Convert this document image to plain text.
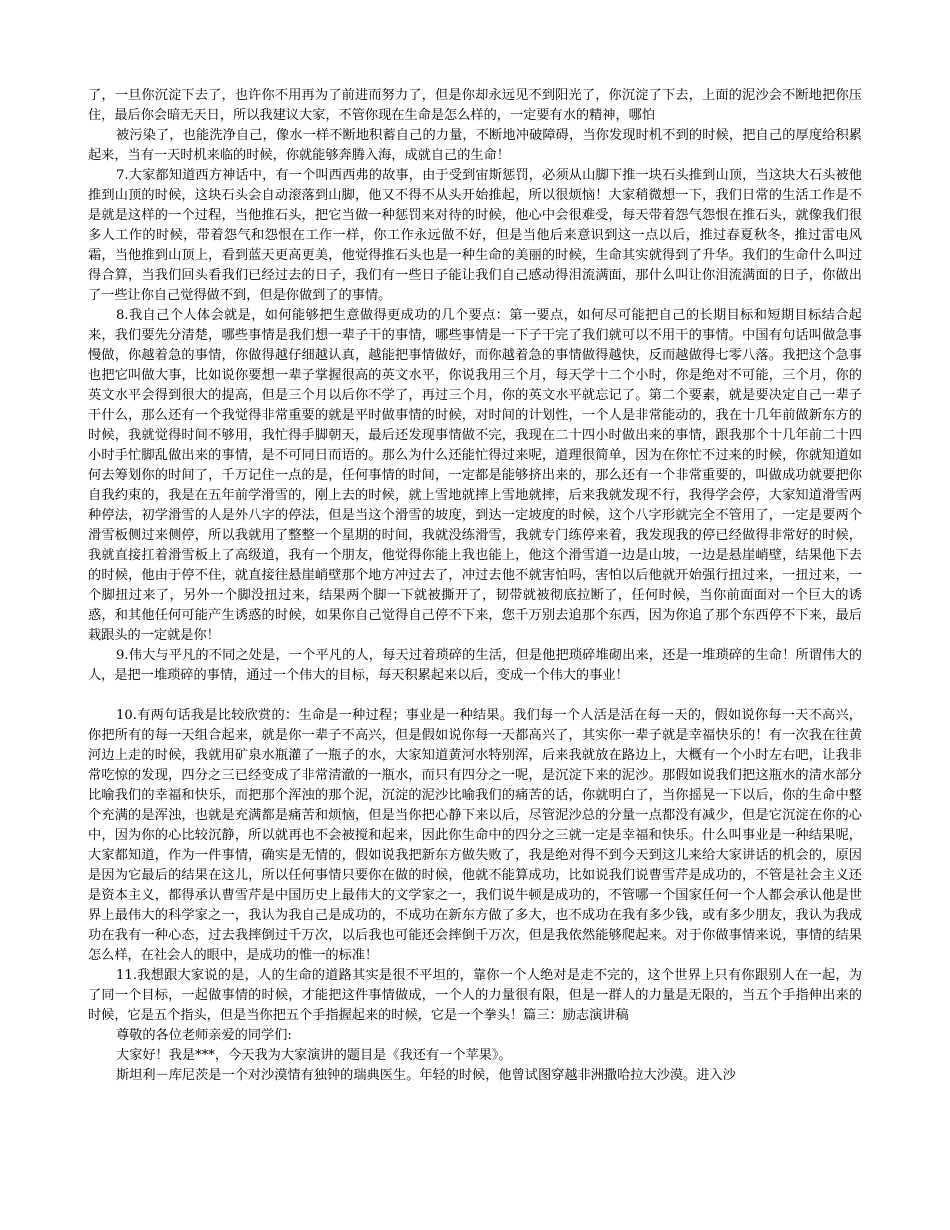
了，一旦你沉淀下去了，也许你不用再为了前进而努力了，但是你却永远见不到阳光了，你沉淀了下去，上面的泥沙会不断地把你压住，最后你会暗无天日，所以我建议大家，不管你现在生命是怎么样的，一定要有水的精神，哪怕

被污染了，也能洗净自己，像水一样不断地积蓄自己的力量，不断地冲破障碍，当你发现时机不到的时候，把自己的厚度给积累起来，当有一天时机来临的时候，你就能够奔腾入海，成就自己的生命！

7.大家都知道西方神话中，有一个叫西西弗的故事，由于受到宙斯惩罚，必须从山脚下推一块石头推到山顶，当这块大石头被他推到山顶的时候，这块石头会自动滚落到山脚，他又不得不从头开始推起，所以很烦恼！大家稍微想一下，我们日常的生活工作是不是就是这样的一个过程，当他推石头，把它当做一种惩罚来对待的时候，他心中会很难受，每天带着怨气怨恨在推石头，就像我们很多人工作的时候，带着怨气和怨恨在工作一样，你工作永远做不好，但是当他后来意识到这一点以后，推过春夏秋冬，推过雷电风霜，当他推到山顶上，看到蓝天更高更美，他觉得推石头也是一种生命的美丽的时候，生命其实就得到了升华。我们的生命什么叫过得合算，当我们回头看我们已经过去的日子，我们有一些日子能让我们自己感动得泪流满面，那什么叫让你泪流满面的日子，你做出了一些让你自己觉得做不到，但是你做到了的事情。

8.我自己个人体会就是，如何能够把生意做得更成功的几个要点：第一要点，如何尽可能把自己的长期目标和短期目标结合起来，我们要先分清楚，哪些事情是我们想一辈子干的事情，哪些事情是一下子干完了我们就可以不用干的事情。中国有句话叫做急事慢做，你越着急的事情，你做得越仔细越认真，越能把事情做好，而你越着急的事情做得越快，反而越做得七零八落。我把这个急事也把它叫做大事，比如说你要想一辈子掌握很高的英文水平，你说我用三个月，每天学十二个小时，你是绝对不可能，三个月，你的英文水平会得到很大的提高，但是三个月以后你不学了，再过三个月，你的英文水平就忘记了。第二个要素，就是要决定自己一辈子干什么，那么还有一个我觉得非常重要的就是平时做事情的时候，对时间的计划性，一个人是非常能动的，我在十几年前做新东方的时候，我就觉得时间不够用，我忙得手脚朝天，最后还发现事情做不完，我现在二十四小时做出来的事情，跟我那个十几年前二十四小时手忙脚乱做出来的事情，是不可同日而语的。那么为什么还能忙得过来呢，道理很简单，因为在你忙不过来的时候，你就知道如何去筹划你的时间了，千万记住一点的是，任何事情的时间，一定都是能够挤出来的，那么还有一个非常重要的，叫做成功就要把你自我约束的，我是在五年前学滑雪的，刚上去的时候，就上雪地就摔上雪地就摔，后来我就发现不行，我得学会停，大家知道滑雪两种停法，初学滑雪的人是外八字的停法，但是当这个滑雪的坡度，到达一定坡度的时候，这个八字形就完全不管用了，一定是要两个滑雪板侧过来侧停，所以我就用了整整一个星期的时间，我就没练滑雪，我就专门练停来着，我发现我的停已经做得非常好的时候，我就直接扛着滑雪板上了高级道，我有一个朋友，他觉得你能上我也能上，他这个滑雪道一边是山坡，一边是悬崖峭壁，结果他下去的时候，他由于停不住，就直接往悬崖峭壁那个地方冲过去了，冲过去他不就害怕吗，害怕以后他就开始强行扭过来，一扭过来，一个脚扭过来了，另外一个脚没扭过来，结果两个脚一下就被撕开了，韧带就被彻底拉断了，任何时候，当你前面面对一个巨大的诱惑，和其他任何可能产生诱惑的时候，如果你自己觉得自己停不下来，您千万别去追那个东西，因为你追了那个东西停不下来，最后栽跟头的一定就是你！

9.伟大与平凡的不同之处是，一个平凡的人，每天过着琐碎的生活，但是他把琐碎堆砌出来，还是一堆琐碎的生命！所谓伟大的人，是把一堆琐碎的事情，通过一个伟大的目标，每天积累起来以后，变成一个伟大的事业！

10.有两句话我是比较欣赏的：生命是一种过程；事业是一种结果。我们每一个人活是活在每一天的，假如说你每一天不高兴，你把所有的每一天组合起来，就是你一辈子不高兴，但是假如说你每一天都高兴了，其实你一辈子就是幸福快乐的！有一次我在往黄河边上走的时候，我就用矿泉水瓶灌了一瓶子的水，大家知道黄河水特别浑，后来我就放在路边上，大概有一个小时左右吧，让我非常吃惊的发现，四分之三已经变成了非常清澈的一瓶水，而只有四分之一呢，是沉淀下来的泥沙。那假如说我们把这瓶水的清水部分比喻我们的幸福和快乐，而把那个浑浊的那个泥，沉淀的泥沙比喻我们的痛苦的话，你就明白了，当你摇晃一下以后，你的生命中整个充满的是浑浊，也就是充满都是痛苦和烦恼，但是当你把心静下来以后，尽管泥沙总的分量一点都没有减少，但是它沉淀在你的心中，因为你的心比较沉静，所以就再也不会被搅和起来，因此你生命中的四分之三就一定是幸福和快乐。什么叫事业是一种结果呢，大家都知道，作为一件事情，确实是无情的，假如说我把新东方做失败了，我是绝对得不到今天到这儿来给大家讲话的机会的，原因是因为它最后的结果在这儿，所以任何事情只要你在做的时候，他就不能算成功，比如说我们说曹雪芹是成功的，不管是社会主义还是资本主义，都得承认曹雪芹是中国历史上最伟大的文学家之一，我们说牛顿是成功的，不管哪一个国家任何一个人都会承认他是世界上最伟大的科学家之一，我认为我自己是成功的，不成功在新东方做了多大，也不成功在我有多少钱，或有多少朋友，我认为我成功在我有一种心态，过去我摔倒过千万次，以后我也可能还会摔倒千万次，但是我依然能够爬起来。对于你做事情来说，事情的结果怎么样，在社会人的眼中，是成功的惟一的标准！

11.我想跟大家说的是，人的生命的道路其实是很不平坦的，靠你一个人绝对是走不完的，这个世界上只有你跟别人在一起，为了同一个目标，一起做事情的时候，才能把这件事情做成，一个人的力量很有限，但是一群人的力量是无限的，当五个手指伸出来的时候，它是五个指头，但是当你把五个手指握起来的时候，它是一个拳头！篇三：励志演讲稿

尊敬的各位老师亲爱的同学们:

大家好！我是***，今天我为大家演讲的题目是《我还有一个苹果》。

斯坦利－库尼茨是一个对沙漠情有独钟的瑞典医生。年轻的时候，他曾试图穿越非洲撒哈拉大沙漠。进入沙
